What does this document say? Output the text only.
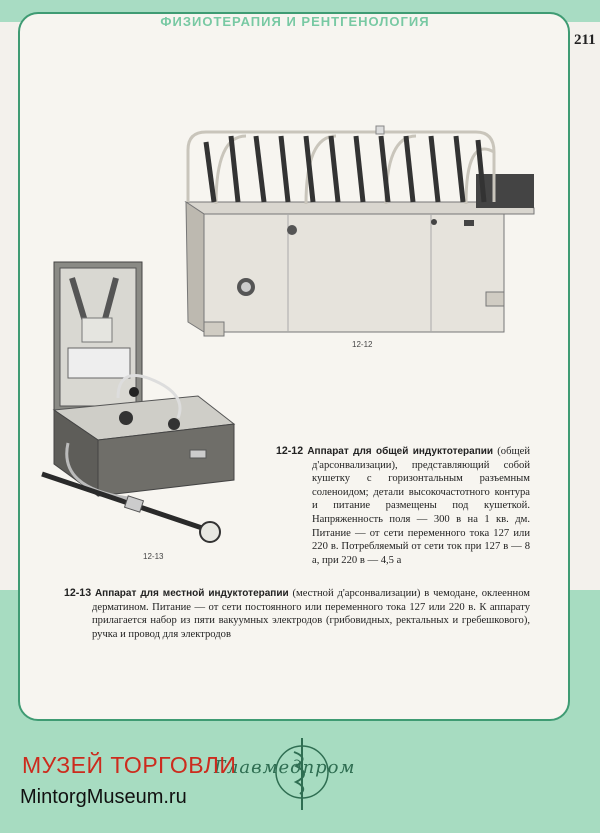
ФИЗИОТЕРАПИЯ И РЕНТГЕНОЛОГИЯ
211
12-12
12-13
12-12 Аппарат для общей индуктотерапии (общей д'арсонвализации), представляющий собой кушетку с горизонтальным разъемным соленоидом; детали высокочастотного контура и питание размещены под кушеткой. Напряженность поля — 300 в на 1 кв. дм. Питание — от сети переменного тока 127 или 220 в. Потребляемый от сети ток при 127 в — 8 а, при 220 в — 4,5 а
12-13 Аппарат для местной индуктотерапии (местной д'арсонвализации) в чемодане, оклеенном дерматином. Питание — от сети постоянного или переменного тока 127 или 220 в. К аппарату прилагается набор из пяти вакуумных электродов (грибовидных, ректальных и гребешкового), ручка и провод для электродов
Главмедпром
МУЗЕЙ ТОРГОВЛИ
MintorgMuseum.ru
